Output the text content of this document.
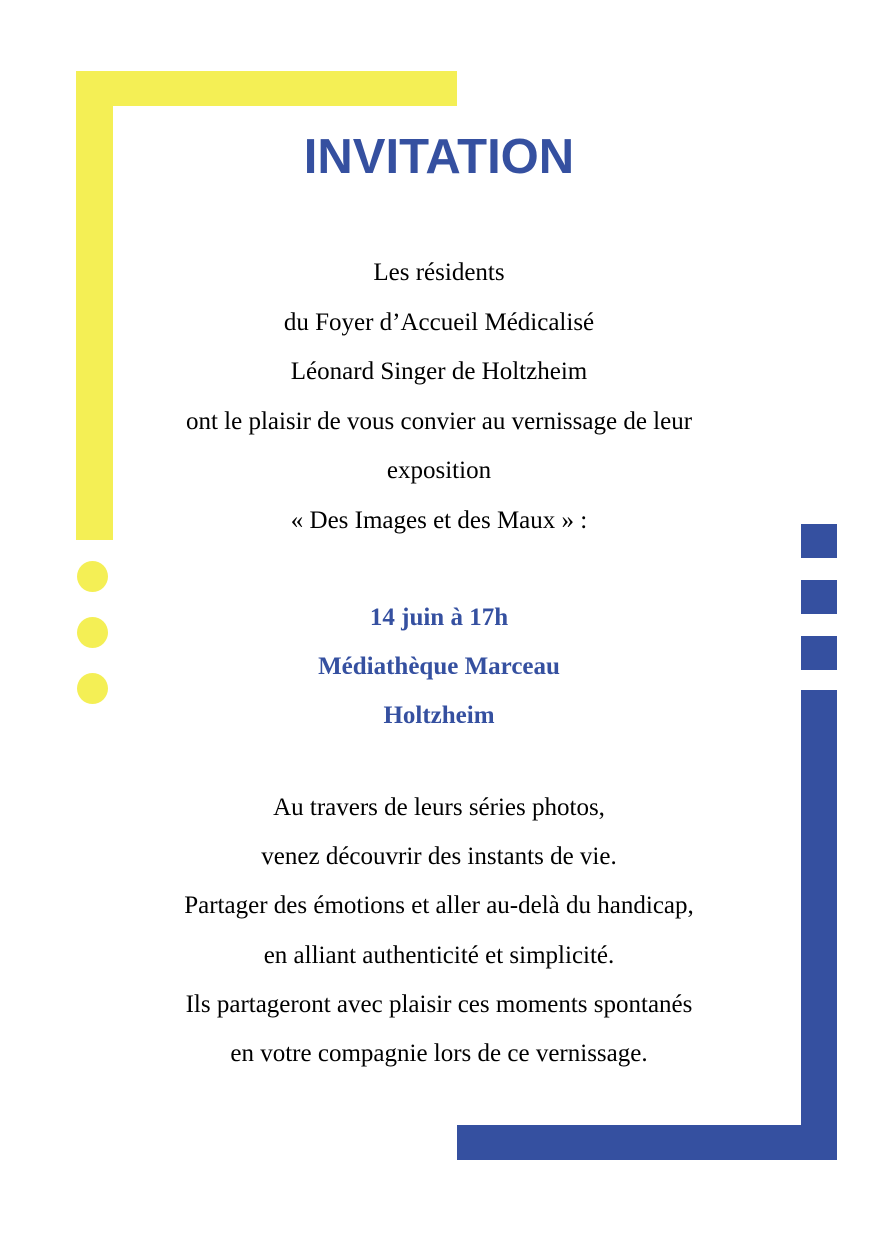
INVITATION
Les résidents
du Foyer d’Accueil Médicalisé
Léonard Singer de Holtzheim
ont le plaisir de vous convier au vernissage de leur
exposition
« Des Images et des Maux » :
14 juin à 17h
Médiathèque Marceau
Holtzheim
Au travers de leurs séries photos,
venez découvrir des instants de vie.
Partager des émotions et aller au-delà du handicap,
en alliant authenticité et simplicité.
Ils partageront avec plaisir ces moments spontanés
en votre compagnie lors de ce vernissage.
